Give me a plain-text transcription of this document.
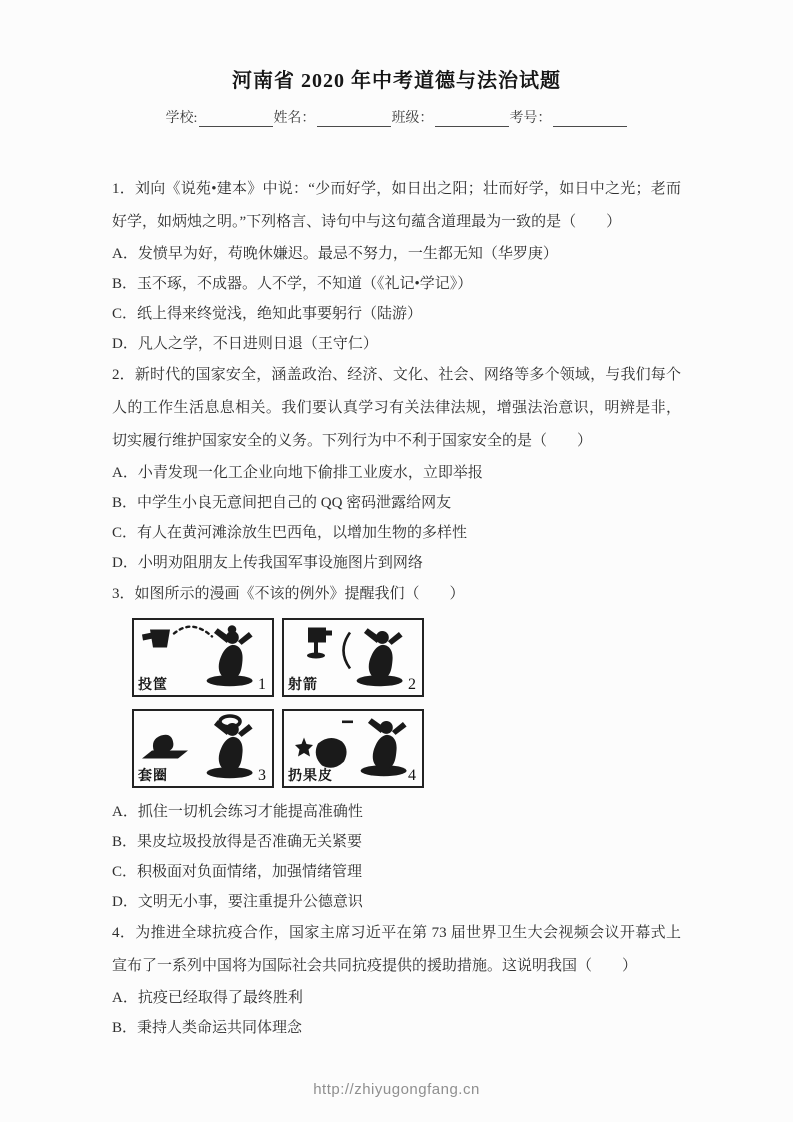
河南省 2020 年中考道德与法治试题
学校:	姓名：	班级：	考号：

1．刘向《说苑•建本》中说：“少而好学，如日出之阳；壮而好学，如日中之光；老而好学，如炳烛之明。”下列格言、诗句中与这句蕴含道理最为一致的是（　　）

A．发愤早为好，苟晚休嫌迟。最忌不努力，一生都无知（华罗庚）

B．玉不琢，不成器。人不学，不知道（《礼记•学记》）

C．纸上得来终觉浅，绝知此事要躬行（陆游）

D．凡人之学，不日进则日退（王守仁）

2．新时代的国家安全，涵盖政治、经济、文化、社会、网络等多个领域，与我们每个人的工作生活息息相关。我们要认真学习有关法律法规，增强法治意识，明辨是非，切实履行维护国家安全的义务。下列行为中不利于国家安全的是（　　）

A．小青发现一化工企业向地下偷排工业废水，立即举报

B．中学生小良无意间把自己的 QQ 密码泄露给网友

C．有人在黄河滩涂放生巴西龟，以增加生物的多样性

D．小明劝阻朋友上传我国军事设施图片到网络

3．如图所示的漫画《不该的例外》提醒我们（　　）

投筐	1 射箭	2
套圈	3 扔果皮	4

A．抓住一切机会练习才能提高准确性

B．果皮垃圾投放得是否准确无关紧要

C．积极面对负面情绪，加强情绪管理

D．文明无小事，要注重提升公德意识

4．为推进全球抗疫合作，国家主席习近平在第 73 届世界卫生大会视频会议开幕式上宣布了一系列中国将为国际社会共同抗疫提供的援助措施。这说明我国（　　）

A．抗疫已经取得了最终胜利

B．秉持人类命运共同体理念

http://zhiyugongfang.cn
